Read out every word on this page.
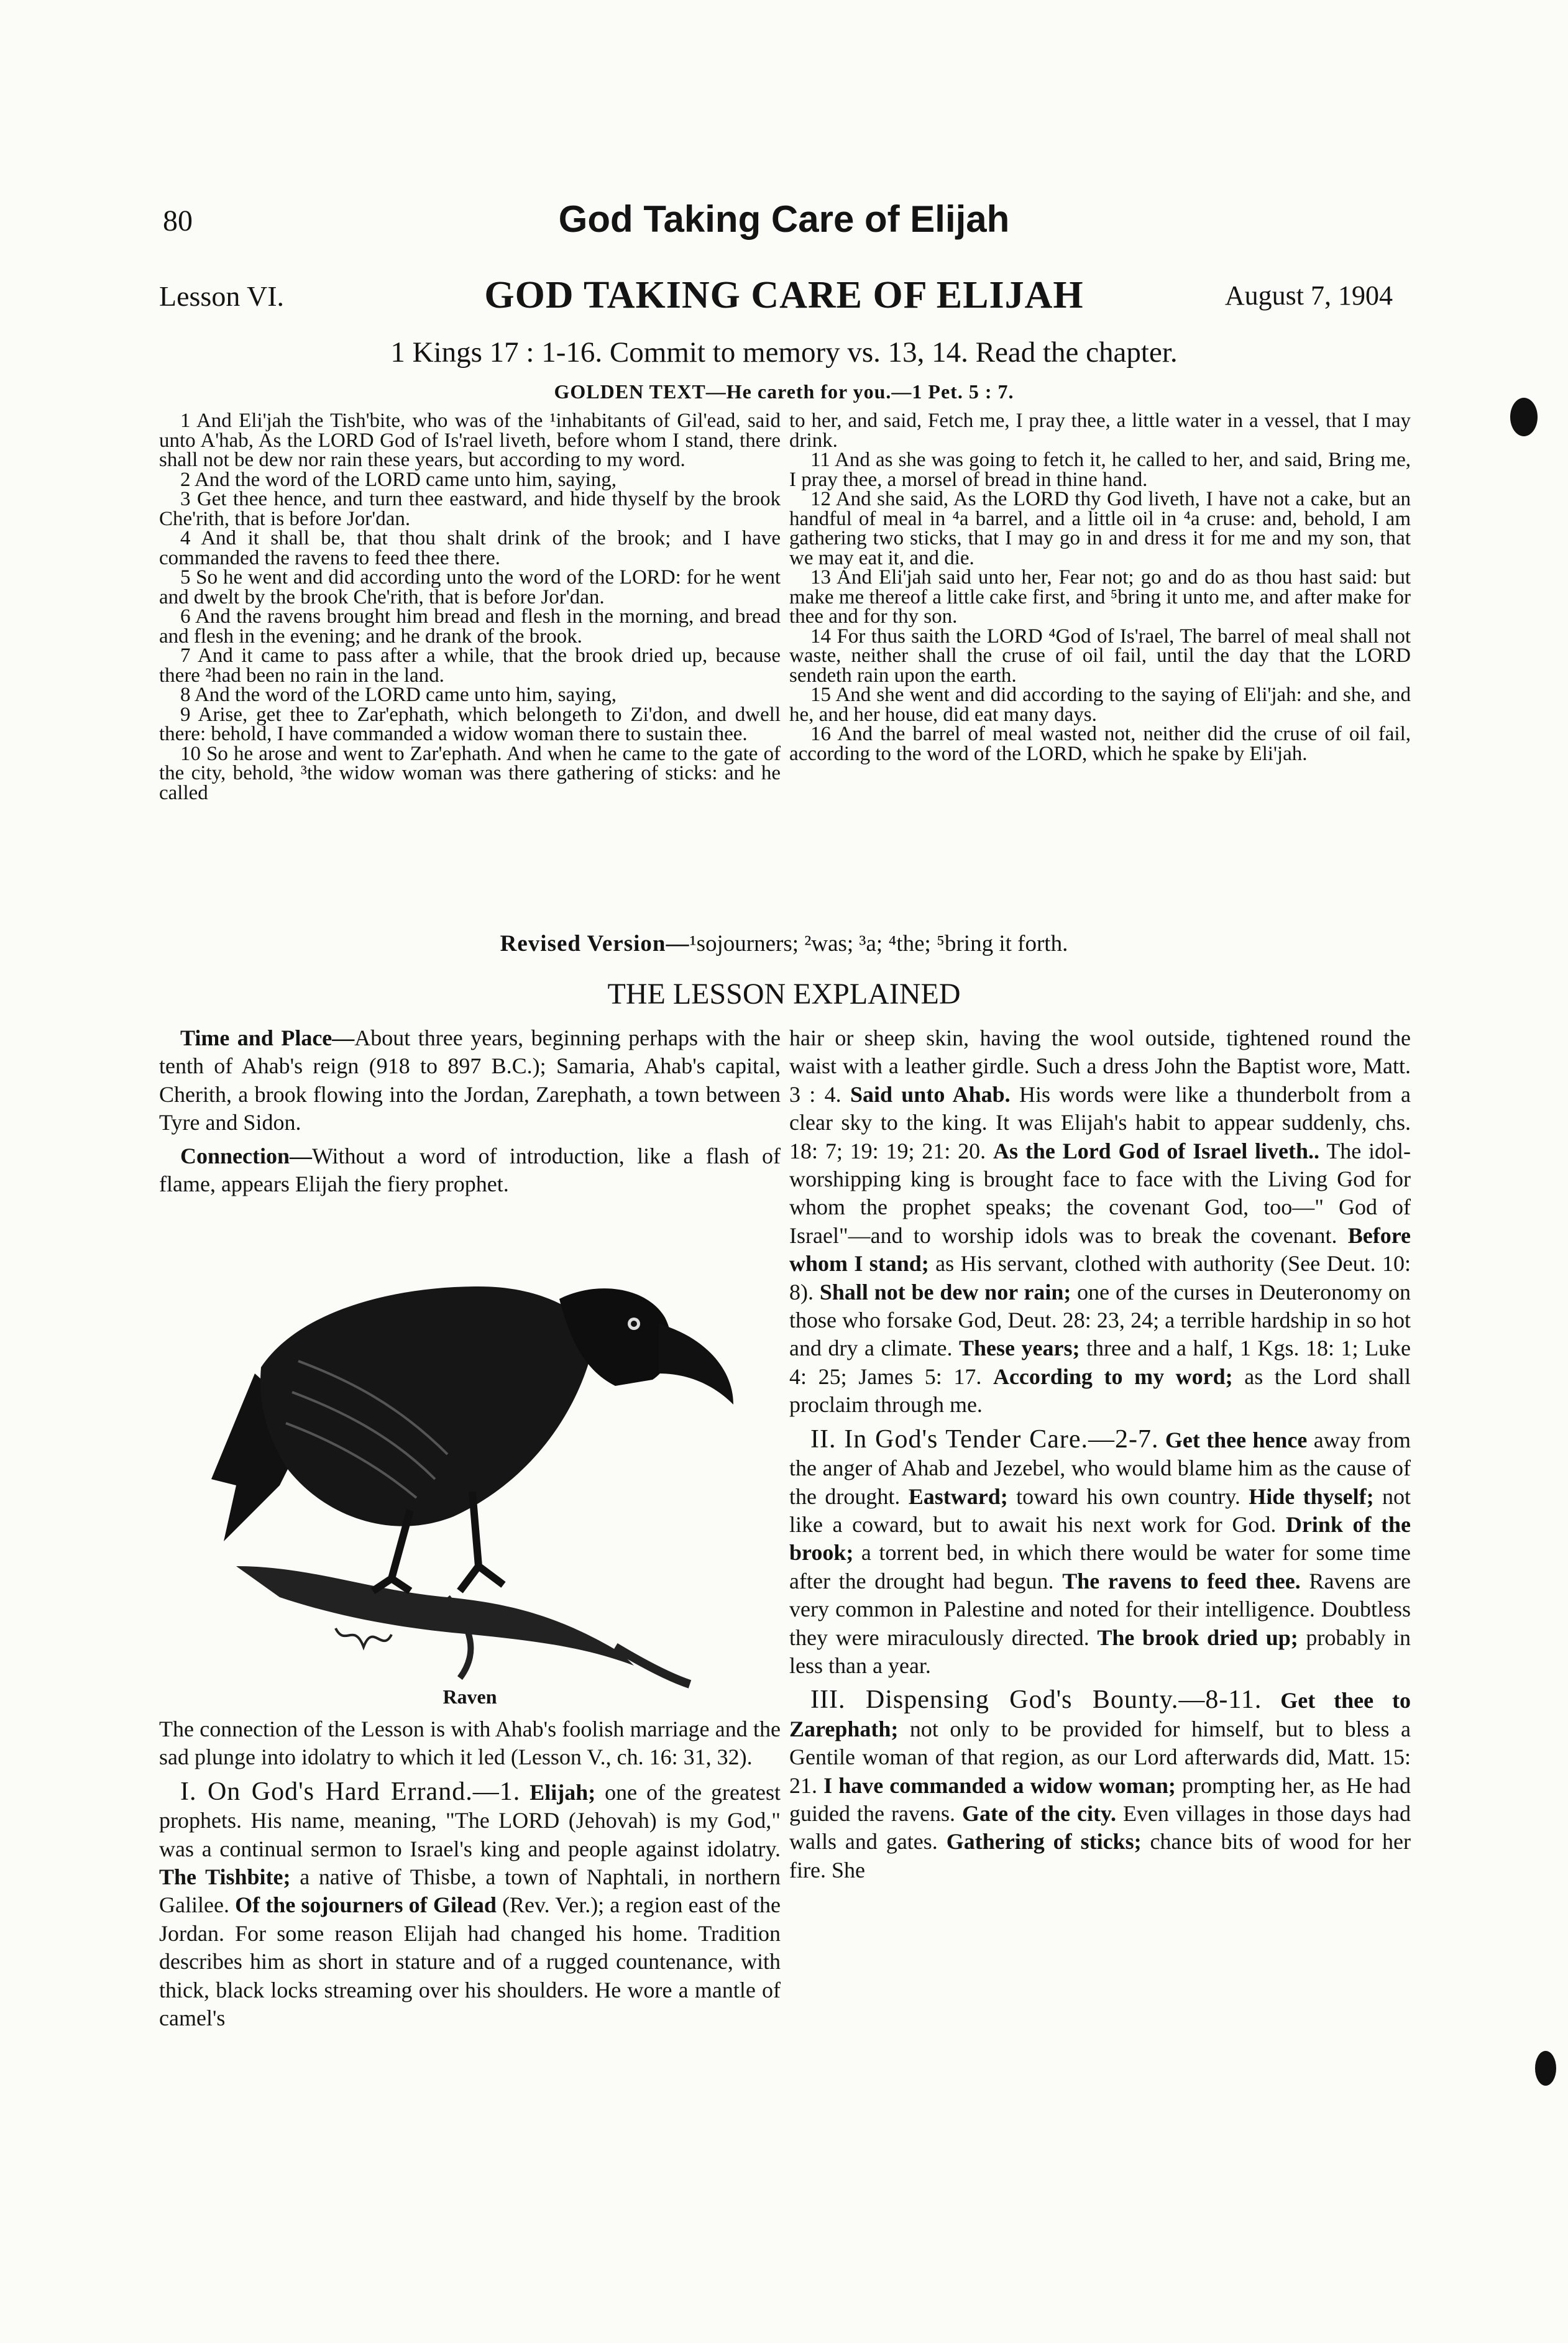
80	God Taking Care of Elijah
Lesson VI.	GOD TAKING CARE OF ELIJAH	August 7, 1904
1 Kings 17 : 1-16. Commit to memory vs. 13, 14. Read the chapter.
GOLDEN TEXT—He careth for you.—1 Pet. 5 : 7.

1 And Eli'jah the Tish'bite, who was of the ¹inhabitants of Gil'ead, said unto A'hab, As the LORD God of Is'rael liveth, before whom I stand, there shall not be dew nor rain these years, but according to my word.

2 And the word of the LORD came unto him, saying,

3 Get thee hence, and turn thee eastward, and hide thyself by the brook Che'rith, that is before Jor'dan.

4 And it shall be, that thou shalt drink of the brook; and I have commanded the ravens to feed thee there.

5 So he went and did according unto the word of the LORD: for he went and dwelt by the brook Che'rith, that is before Jor'dan.

6 And the ravens brought him bread and flesh in the morning, and bread and flesh in the evening; and he drank of the brook.

7 And it came to pass after a while, that the brook dried up, because there ²had been no rain in the land.

8 And the word of the LORD came unto him, saying,

9 Arise, get thee to Zar'ephath, which belongeth to Zi'don, and dwell there: behold, I have commanded a widow woman there to sustain thee.

10 So he arose and went to Zar'ephath. And when he came to the gate of the city, behold, ³the widow woman was there gathering of sticks: and he called

to her, and said, Fetch me, I pray thee, a little water in a vessel, that I may drink.

11 And as she was going to fetch it, he called to her, and said, Bring me, I pray thee, a morsel of bread in thine hand.

12 And she said, As the LORD thy God liveth, I have not a cake, but an handful of meal in ⁴a barrel, and a little oil in ⁴a cruse: and, behold, I am gathering two sticks, that I may go in and dress it for me and my son, that we may eat it, and die.

13 And Eli'jah said unto her, Fear not; go and do as thou hast said: but make me thereof a little cake first, and ⁵bring it unto me, and after make for thee and for thy son.

14 For thus saith the LORD ⁴God of Is'rael, The barrel of meal shall not waste, neither shall the cruse of oil fail, until the day that the LORD sendeth rain upon the earth.

15 And she went and did according to the saying of Eli'jah: and she, and he, and her house, did eat many days.

16 And the barrel of meal wasted not, neither did the cruse of oil fail, according to the word of the LORD, which he spake by Eli'jah.

Revised Version—¹sojourners; ²was; ³a; ⁴the; ⁵bring it forth.
THE LESSON EXPLAINED

Time and Place—About three years, beginning perhaps with the tenth of Ahab's reign (918 to 897 B.C.); Samaria, Ahab's capital, Cherith, a brook flowing into the Jordan, Zarephath, a town between Tyre and Sidon.

Connection—Without a word of introduction, like a flash of flame, appears Elijah the fiery prophet.

Raven

The connection of the Lesson is with Ahab's foolish marriage and the sad plunge into idolatry to which it led (Lesson V., ch. 16: 31, 32).

I. On God's Hard Errand.—1. Elijah; one of the greatest prophets. His name, meaning, "The LORD (Jehovah) is my God," was a continual sermon to Israel's king and people against idolatry. The Tishbite; a native of Thisbe, a town of Naphtali, in northern Galilee. Of the sojourners of Gilead (Rev. Ver.); a region east of the Jordan. For some reason Elijah had changed his home. Tradition describes him as short in stature and of a rugged countenance, with thick, black locks streaming over his shoulders. He wore a mantle of camel's

hair or sheep skin, having the wool outside, tightened round the waist with a leather girdle. Such a dress John the Baptist wore, Matt. 3 : 4. Said unto Ahab. His words were like a thunderbolt from a clear sky to the king. It was Elijah's habit to appear suddenly, chs. 18: 7; 19: 19; 21: 20. As the Lord God of Israel liveth.. The idol-worshipping king is brought face to face with the Living God for whom the prophet speaks; the covenant God, too—" God of Israel"—and to worship idols was to break the covenant. Before whom I stand; as His servant, clothed with authority (See Deut. 10: 8). Shall not be dew nor rain; one of the curses in Deuteronomy on those who forsake God, Deut. 28: 23, 24; a terrible hardship in so hot and dry a climate. These years; three and a half, 1 Kgs. 18: 1; Luke 4: 25; James 5: 17. According to my word; as the Lord shall proclaim through me.

II. In God's Tender Care.—2-7. Get thee hence away from the anger of Ahab and Jezebel, who would blame him as the cause of the drought. Eastward; toward his own country. Hide thyself; not like a coward, but to await his next work for God. Drink of the brook; a torrent bed, in which there would be water for some time after the drought had begun. The ravens to feed thee. Ravens are very common in Palestine and noted for their intelligence. Doubtless they were miraculously directed. The brook dried up; probably in less than a year.

III. Dispensing God's Bounty.—8-11. Get thee to Zarephath; not only to be provided for himself, but to bless a Gentile woman of that region, as our Lord afterwards did, Matt. 15: 21. I have commanded a widow woman; prompting her, as He had guided the ravens. Gate of the city. Even villages in those days had walls and gates. Gathering of sticks; chance bits of wood for her fire. She
